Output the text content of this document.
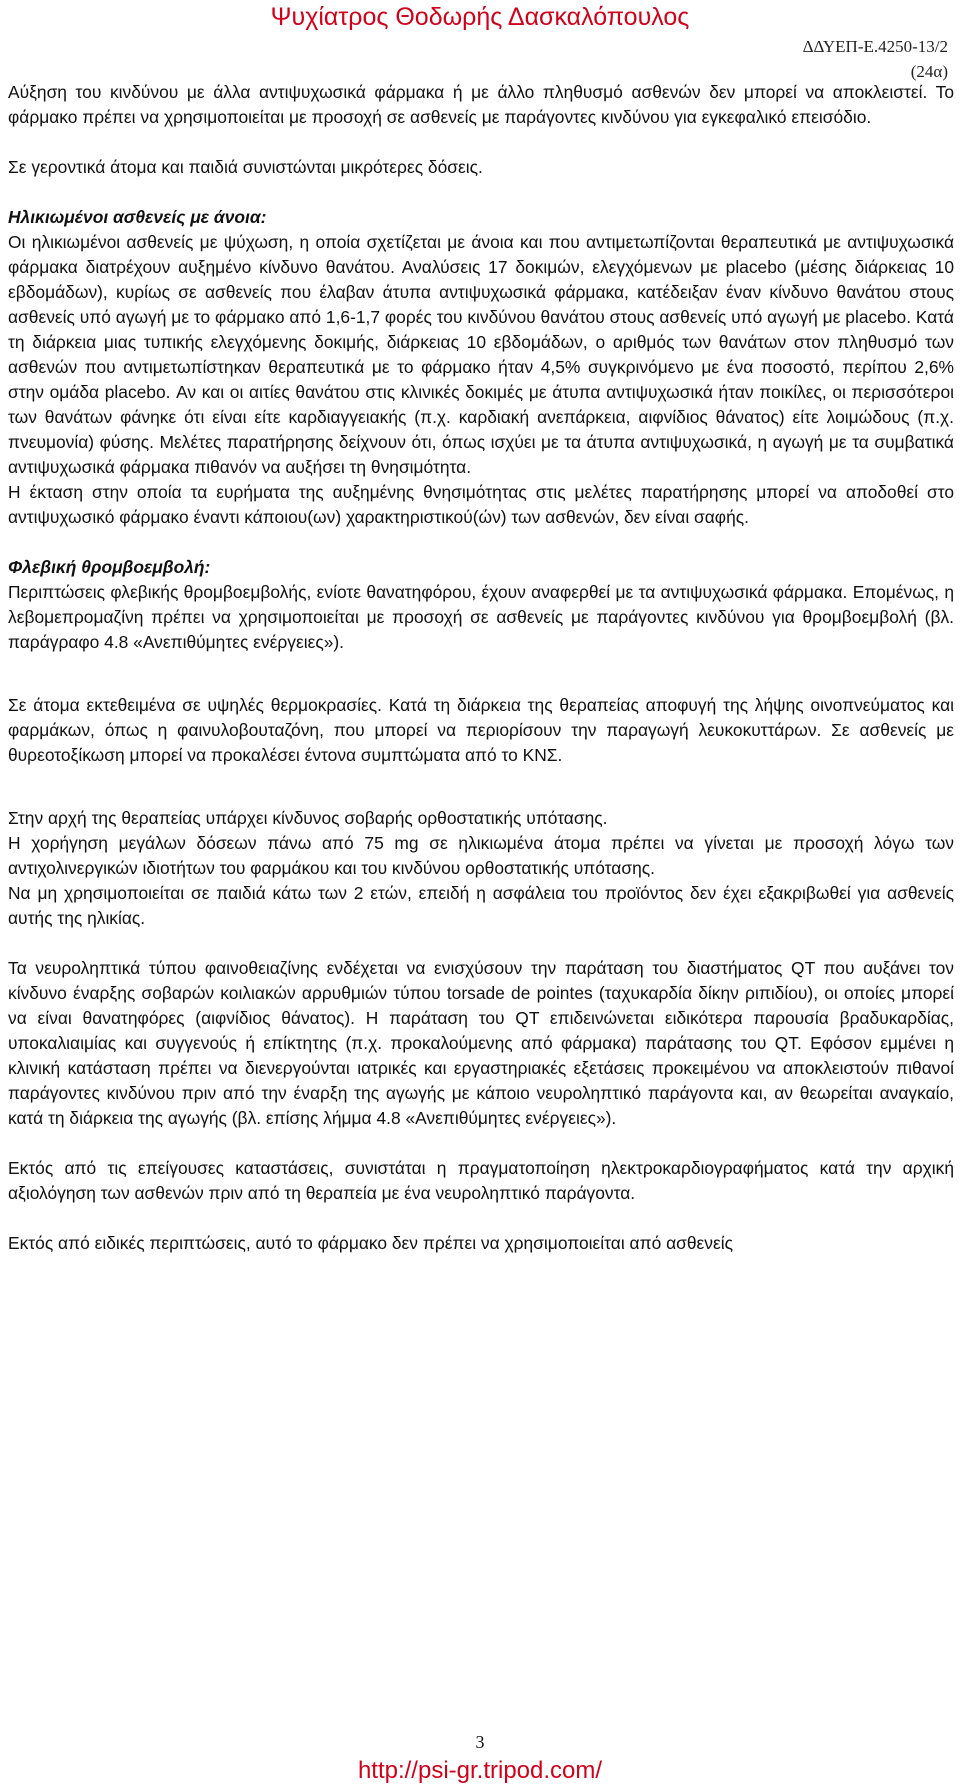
Ψυχίατρος Θοδωρής Δασκαλόπουλος
ΔΔΥΕΠ-Ε.4250-13/2
(24α)

Αύξηση του κινδύνου με άλλα αντιψυχωσικά φάρμακα ή με άλλο πληθυσμό ασθενών δεν μπορεί να αποκλειστεί. Το φάρμακο πρέπει να χρησιμοποιείται με προσοχή σε ασθενείς με παράγοντες κινδύνου για εγκεφαλικό επεισόδιο.

Σε γεροντικά άτομα και παιδιά συνιστώνται μικρότερες δόσεις.

Ηλικιωμένοι ασθενείς με άνοια:

Οι ηλικιωμένοι ασθενείς με ψύχωση, η οποία σχετίζεται με άνοια και που αντιμετωπίζονται θεραπευτικά με αντιψυχωσικά φάρμακα διατρέχουν αυξημένο κίνδυνο θανάτου. Αναλύσεις 17 δοκιμών, ελεγχόμενων με placebo (μέσης διάρκειας 10 εβδομάδων), κυρίως σε ασθενείς που έλαβαν άτυπα αντιψυχωσικά φάρμακα, κατέδειξαν έναν κίνδυνο θανάτου στους ασθενείς υπό αγωγή με το φάρμακο από 1,6-1,7 φορές του κινδύνου θανάτου στους ασθενείς υπό αγωγή με placebo. Κατά τη διάρκεια μιας τυπικής ελεγχόμενης δοκιμής, διάρκειας 10 εβδομάδων, ο αριθμός των θανάτων στον πληθυσμό των ασθενών που αντιμετωπίστηκαν θεραπευτικά με το φάρμακο ήταν 4,5% συγκρινόμενο με ένα ποσοστό, περίπου 2,6% στην ομάδα placebo. Αν και οι αιτίες θανάτου στις κλινικές δοκιμές με άτυπα αντιψυχωσικά ήταν ποικίλες, οι περισσότεροι των θανάτων φάνηκε ότι είναι είτε καρδιαγγειακής (π.χ. καρδιακή ανεπάρκεια, αιφνίδιος θάνατος) είτε λοιμώδους (π.χ. πνευμονία) φύσης. Μελέτες παρατήρησης δείχνουν ότι, όπως ισχύει με τα άτυπα αντιψυχωσικά, η αγωγή με τα συμβατικά αντιψυχωσικά φάρμακα πιθανόν να αυξήσει τη θνησιμότητα.

Η έκταση στην οποία τα ευρήματα της αυξημένης θνησιμότητας στις μελέτες παρατήρησης μπορεί να αποδοθεί στο αντιψυχωσικό φάρμακο έναντι κάποιου(ων) χαρακτηριστικού(ών) των ασθενών, δεν είναι σαφής.

Φλεβική θρομβοεμβολή:

Περιπτώσεις φλεβικής θρομβοεμβολής, ενίοτε θανατηφόρου, έχουν αναφερθεί με τα αντιψυχωσικά φάρμακα. Επομένως, η λεβομεπρομαζίνη πρέπει να χρησιμοποιείται με προσοχή σε ασθενείς με παράγοντες κινδύνου για θρομβοεμβολή (βλ. παράγραφο 4.8 «Ανεπιθύμητες ενέργειες»).

Σε άτομα εκτεθειμένα σε υψηλές θερμοκρασίες. Κατά τη διάρκεια της θεραπείας αποφυγή της λήψης οινοπνεύματος και φαρμάκων, όπως η φαινυλοβουταζόνη, που μπορεί να περιορίσουν την παραγωγή λευκοκυττάρων. Σε ασθενείς με θυρεοτοξίκωση μπορεί να προκαλέσει έντονα συμπτώματα από το ΚΝΣ.

Στην αρχή της θεραπείας υπάρχει κίνδυνος σοβαρής ορθοστατικής υπότασης.

Η χορήγηση μεγάλων δόσεων πάνω από 75 mg σε ηλικιωμένα άτομα πρέπει να γίνεται με προσοχή λόγω των αντιχολινεργικών ιδιοτήτων του φαρμάκου και του κινδύνου ορθοστατικής υπότασης.

Να μη χρησιμοποιείται σε παιδιά κάτω των 2 ετών, επειδή η ασφάλεια του προϊόντος δεν έχει εξακριβωθεί για ασθενείς αυτής της ηλικίας.

Τα νευροληπτικά τύπου φαινοθειαζίνης ενδέχεται να ενισχύσουν την παράταση του διαστήματος QT που αυξάνει τον κίνδυνο έναρξης σοβαρών κοιλιακών αρρυθμιών τύπου torsade de pointes (ταχυκαρδία δίκην ριπιδίου), οι οποίες μπορεί να είναι θανατηφόρες (αιφνίδιος θάνατος). Η παράταση του QT επιδεινώνεται ειδικότερα παρουσία βραδυκαρδίας, υποκαλιαιμίας και συγγενούς ή επίκτητης (π.χ. προκαλούμενης από φάρμακα) παράτασης του QT. Εφόσον εμμένει η κλινική κατάσταση πρέπει να διενεργούνται ιατρικές και εργαστηριακές εξετάσεις προκειμένου να αποκλειστούν πιθανοί παράγοντες κινδύνου πριν από την έναρξη της αγωγής με κάποιο νευροληπτικό παράγοντα και, αν θεωρείται αναγκαίο, κατά τη διάρκεια της αγωγής (βλ. επίσης λήμμα 4.8 «Ανεπιθύμητες ενέργειες»).

Εκτός από τις επείγουσες καταστάσεις, συνιστάται η πραγματοποίηση ηλεκτροκαρδιογραφήματος κατά την αρχική αξιολόγηση των ασθενών πριν από τη θεραπεία με ένα νευροληπτικό παράγοντα.

Εκτός από ειδικές περιπτώσεις, αυτό το φάρμακο δεν πρέπει να χρησιμοποιείται από ασθενείς

3
http://psi-gr.tripod.com/
